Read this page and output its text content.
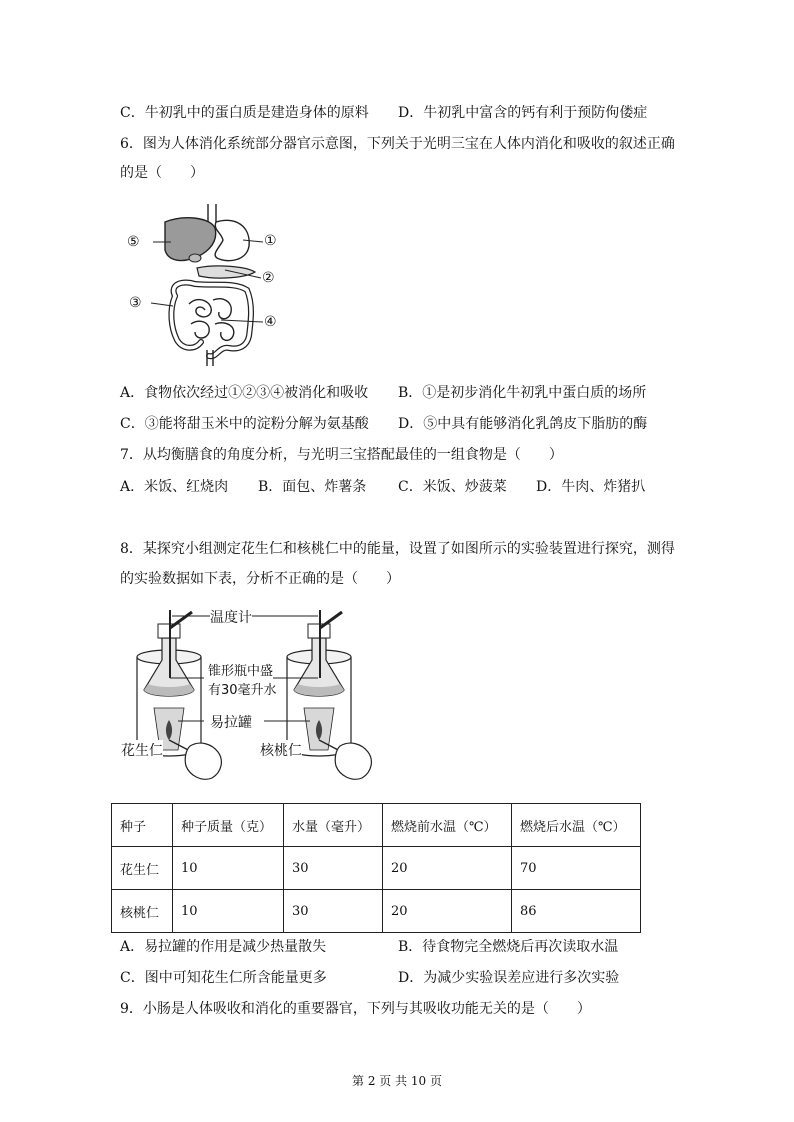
C．牛初乳中的蛋白质是建造身体的原料 D．牛初乳中富含的钙有利于预防佝偻症
6．图为人体消化系统部分器官示意图，下列关于光明三宝在人体内消化和吸收的叙述正确
的是（　　）
⑤	①
②
③
④
A．食物依次经过①②③④被消化和吸收 B．①是初步消化牛初乳中蛋白质的场所
C．③能将甜玉米中的淀粉分解为氨基酸 D．⑤中具有能够消化乳鸽皮下脂肪的酶
7．从均衡膳食的角度分析，与光明三宝搭配最佳的一组食物是（　　）
A．米饭、红烧肉 B．面包、炸薯条 C．米饭、炒菠菜 D．牛肉、炸猪扒
8．某探究小组测定花生仁和核桃仁中的能量，设置了如图所示的实验装置进行探究，测得
的实验数据如下表，分析不正确的是（　　）
温度计
锥形瓶中盛
有30毫升水
易拉罐
花生仁	核桃仁
种子	种子质量（克）	水量（毫升）	燃烧前水温（℃）	燃烧后水温（℃）
花生仁	10	30	20	70
核桃仁	10	30	20	86
A．易拉罐的作用是减少热量散失	B．待食物完全燃烧后再次读取水温
C．图中可知花生仁所含能量更多	D．为减少实验误差应进行多次实验
9．小肠是人体吸收和消化的重要器官，下列与其吸收功能无关的是（　　）
第 2 页 共 10 页
